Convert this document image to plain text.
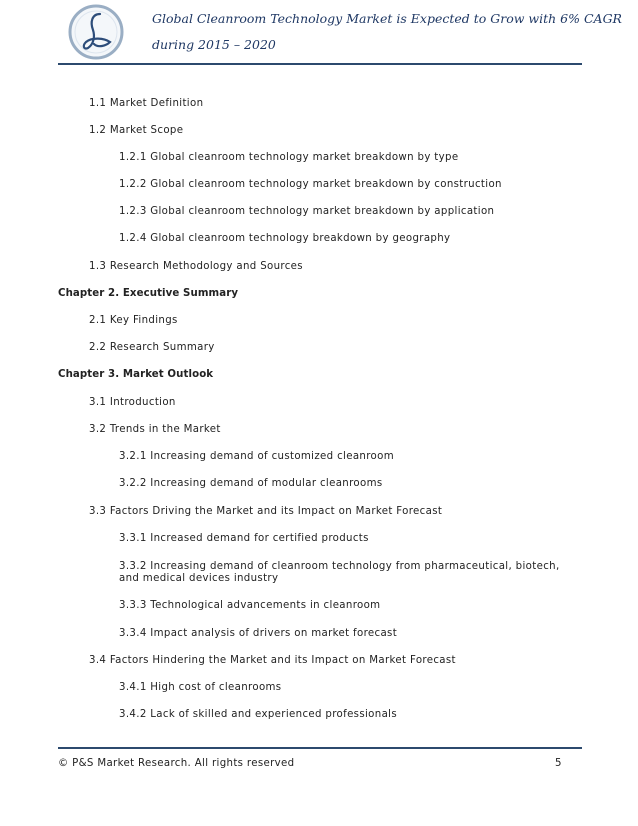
Global Cleanroom Technology Market is Expected to Grow with 6% CAGR
during 2015 – 2020
1.1 Market Definition
1.2 Market Scope
1.2.1 Global cleanroom technology market breakdown by type
1.2.2 Global cleanroom technology market breakdown by construction
1.2.3 Global cleanroom technology market breakdown by application
1.2.4 Global cleanroom technology breakdown by geography
1.3 Research Methodology and Sources
Chapter 2. Executive Summary
2.1 Key Findings
2.2 Research Summary
Chapter 3. Market Outlook
3.1 Introduction
3.2 Trends in the Market
3.2.1 Increasing demand of customized cleanroom
3.2.2 Increasing demand of modular cleanrooms
3.3 Factors Driving the Market and its Impact on Market Forecast
3.3.1 Increased demand for certified products
3.3.2 Increasing demand of cleanroom technology from pharmaceutical, biotech, and medical devices industry
3.3.3 Technological advancements in cleanroom
3.3.4 Impact analysis of drivers on market forecast
3.4 Factors Hindering the Market and its Impact on Market Forecast
3.4.1 High cost of cleanrooms
3.4.2 Lack of skilled and experienced professionals
© P&S Market Research. All rights reserved	5
